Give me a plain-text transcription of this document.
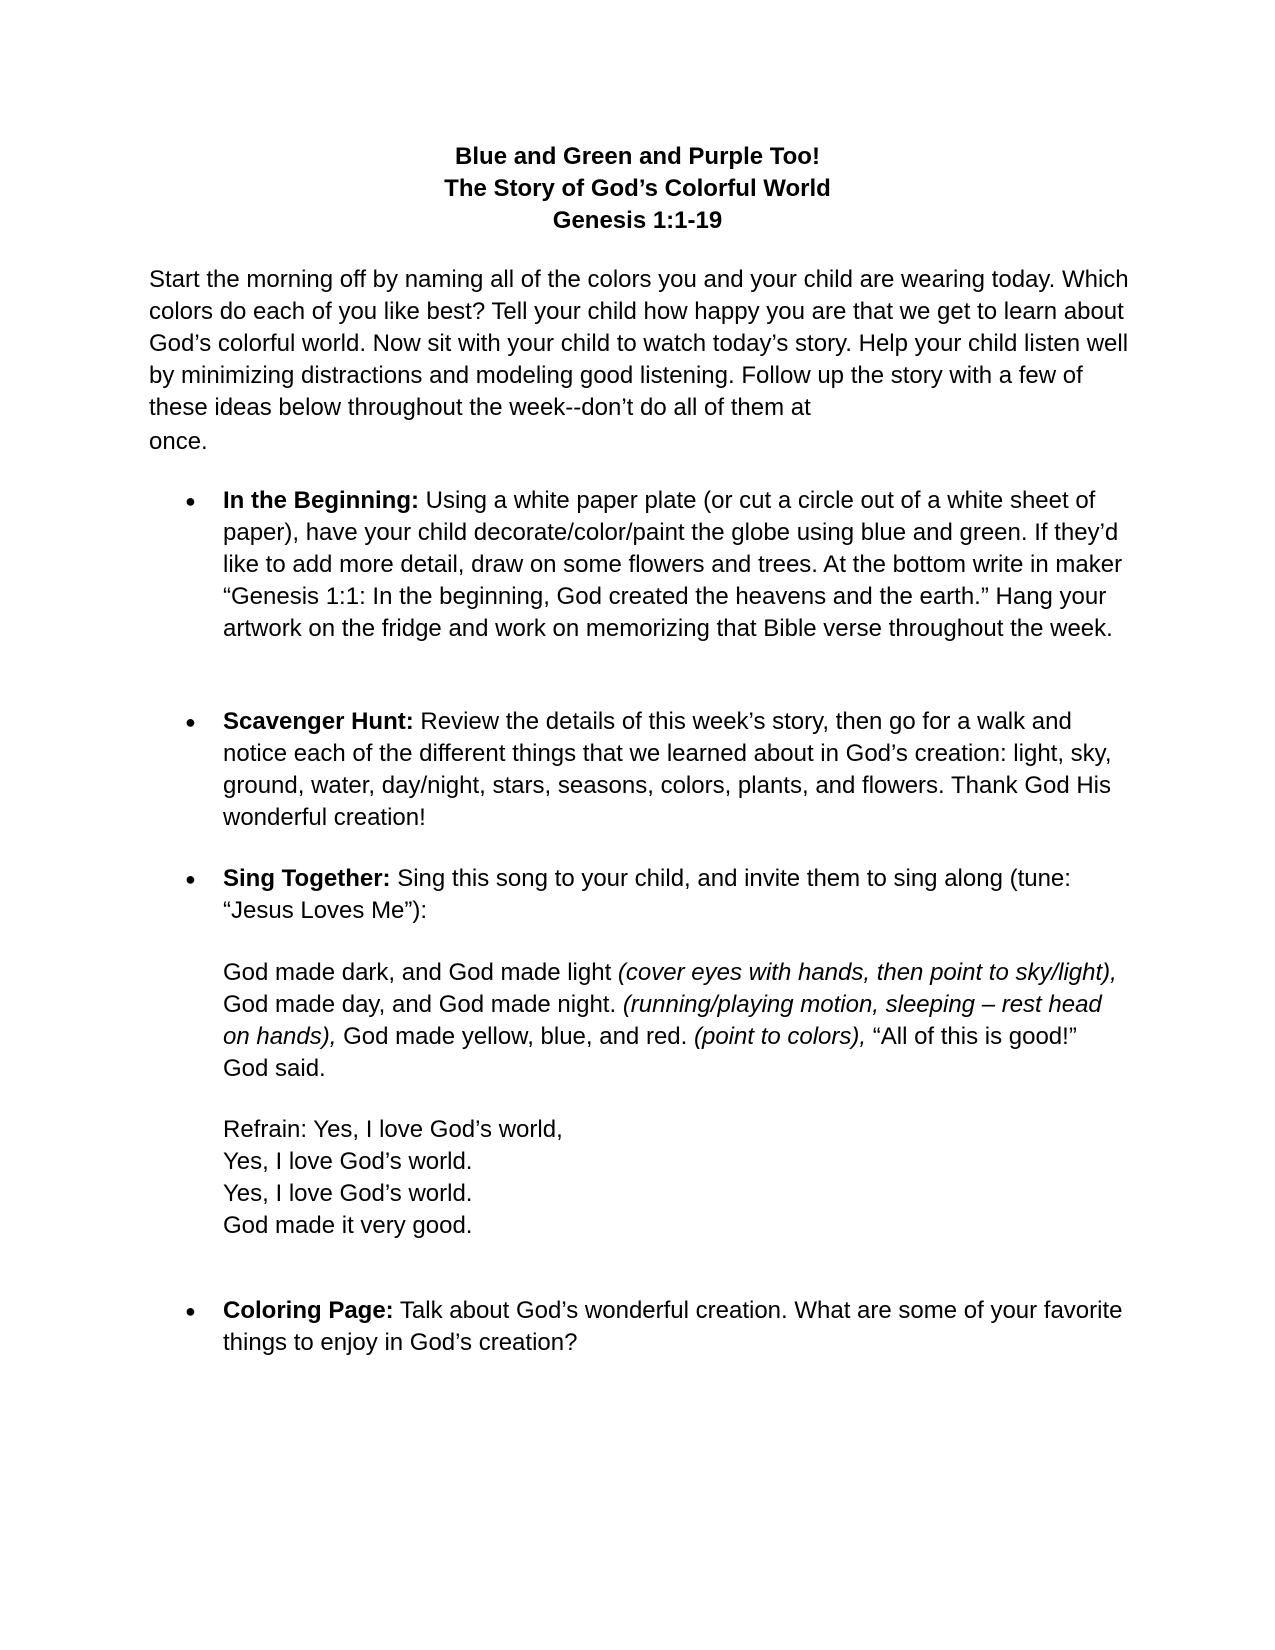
Blue and Green and Purple Too!
The Story of God’s Colorful World
Genesis 1:1-19

Start the morning off by naming all of the colors you and your child are wearing today. Which colors do each of you like best? Tell your child how happy you are that we get to learn about God’s colorful world. Now sit with your child to watch today’s story. Help your child listen well by minimizing distractions and modeling good listening. Follow up the story with a few of these ideas below throughout the week--don’t do all of them at
once.

●	In the Beginning: Using a white paper plate (or cut a circle out of a white sheet of paper), have your child decorate/color/paint the globe using blue and green. If they’d like to add more detail, draw on some flowers and trees. At the bottom write in maker “Genesis 1:1: In the beginning, God created the heavens and the earth.” Hang your artwork on the fridge and work on memorizing that Bible verse throughout the week.

●	Scavenger Hunt: Review the details of this week’s story, then go for a walk and notice each of the different things that we learned about in God’s creation: light, sky, ground, water, day/night, stars, seasons, colors, plants, and flowers. Thank God His wonderful creation!

●	Sing Together: Sing this song to your child, and invite them to sing along (tune: “Jesus Loves Me”):

God made dark, and God made light (cover eyes with hands, then point to sky/light), God made day, and God made night. (running/playing motion, sleeping – rest head on hands), God made yellow, blue, and red. (point to colors), “All of this is good!” God said.

Refrain: Yes, I love God’s world,
Yes, I love God’s world.
Yes, I love God’s world.
God made it very good.

●	Coloring Page: Talk about God’s wonderful creation. What are some of your favorite things to enjoy in God’s creation?
